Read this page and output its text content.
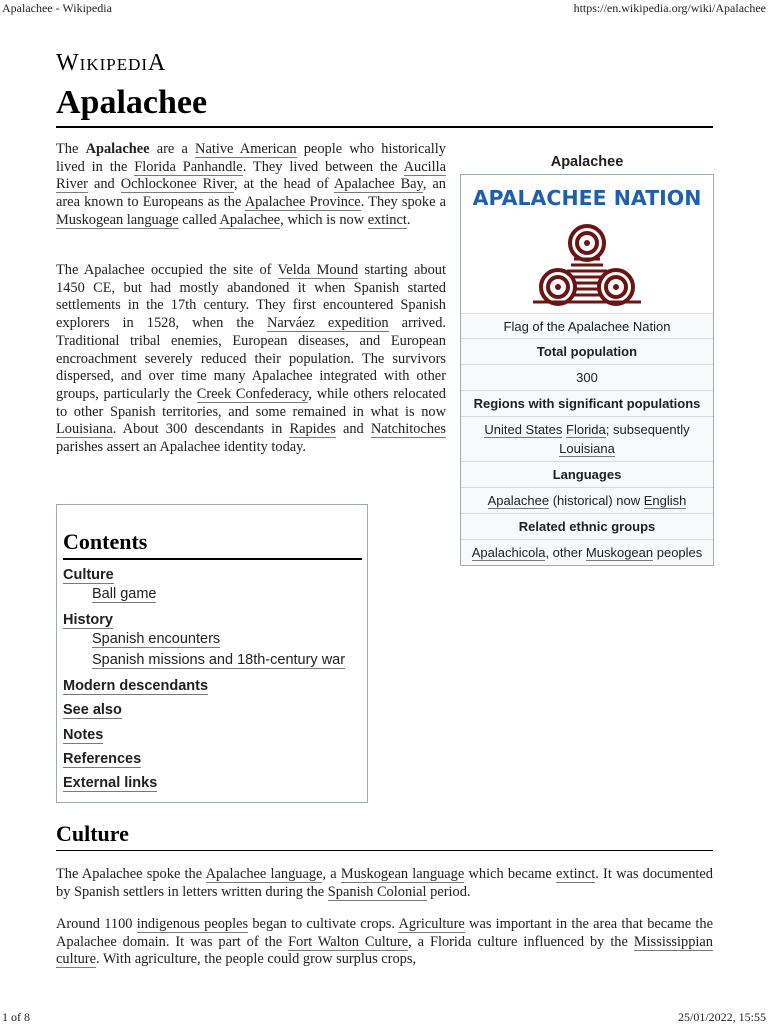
Apalachee - Wikipedia	https://en.wikipedia.org/wiki/Apalachee
WIKIPEDIA
Apalachee
The Apalachee are a Native American people who historically lived in the Florida Panhandle. They lived between the Aucilla River and Ochlockonee River, at the head of Apalachee Bay, an area known to Europeans as the Apalachee Province. They spoke a Muskogean language called Apalachee, which is now extinct.
The Apalachee occupied the site of Velda Mound starting about 1450 CE, but had mostly abandoned it when Spanish started settlements in the 17th century. They first encountered Spanish explorers in 1528, when the Narváez expedition arrived. Traditional tribal enemies, European diseases, and European encroachment severely reduced their population. The survivors dispersed, and over time many Apalachee integrated with other groups, particularly the Creek Confederacy, while others relocated to other Spanish territories, and some remained in what is now Louisiana. About 300 descendants in Rapides and Natchitoches parishes assert an Apalachee identity today.
Apalachee
APALACHEE NATION
Flag of the Apalachee Nation
Total population
300
Regions with significant populations
United States Florida; subsequently Louisiana
Languages
Apalachee (historical) now English
Related ethnic groups
Apalachicola, other Muskogean peoples
Contents
Culture
Ball game
History
Spanish encounters
Spanish missions and 18th-century war
Modern descendants
See also
Notes
References
External links
Culture
The Apalachee spoke the Apalachee language, a Muskogean language which became extinct. It was documented by Spanish settlers in letters written during the Spanish Colonial period.
Around 1100 indigenous peoples began to cultivate crops. Agriculture was important in the area that became the Apalachee domain. It was part of the Fort Walton Culture, a Florida culture influenced by the Mississippian culture. With agriculture, the people could grow surplus crops,
1 of 8	25/01/2022, 15:55
